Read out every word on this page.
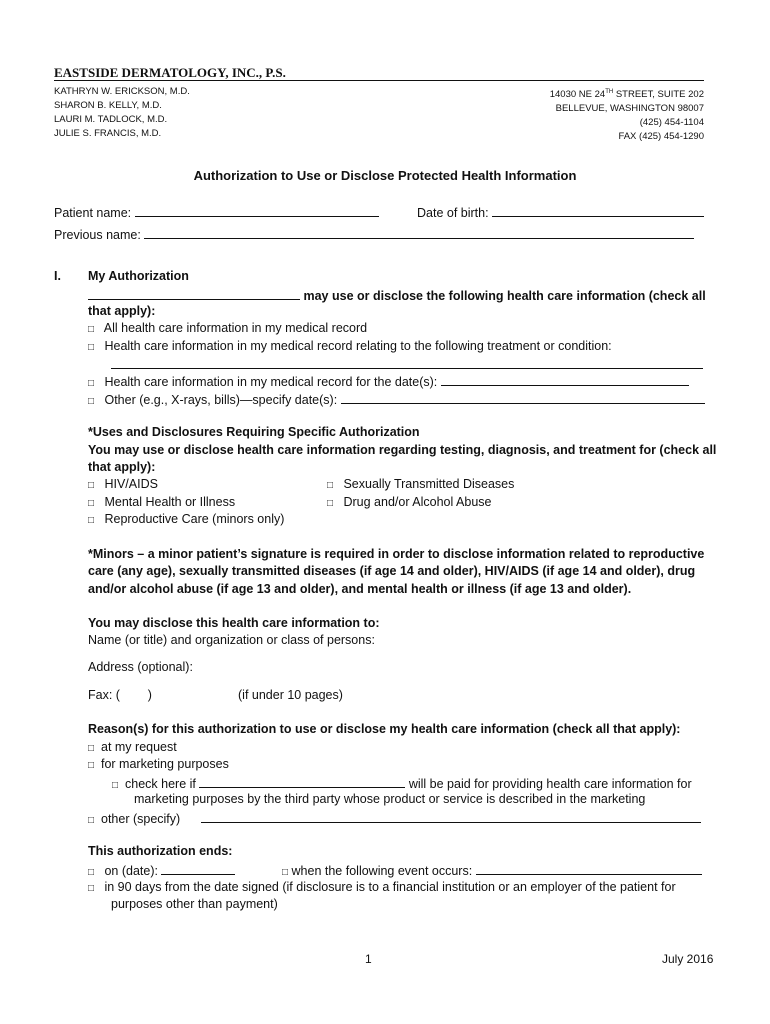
EASTSIDE DERMATOLOGY, INC., P.S.
KATHRYN W. ERICKSON, M.D.
SHARON B. KELLY, M.D.
LAURI M. TADLOCK, M.D.
JULIE S. FRANCIS, M.D.
14030 NE 24TH STREET, SUITE 202
BELLEVUE, WASHINGTON 98007
(425) 454-1104
FAX (425) 454-1290
Authorization to Use or Disclose Protected Health Information
Patient name:	Date of birth:
Previous name:
I. My Authorization
may use or disclose the following health care information (check all
that apply):
□ All health care information in my medical record
□ Health care information in my medical record relating to the following treatment or condition:
□ Health care information in my medical record for the date(s):
□ Other (e.g., X-rays, bills)—specify date(s):
*Uses and Disclosures Requiring Specific Authorization
You may use or disclose health care information regarding testing, diagnosis, and treatment for (check all
that apply):
□ HIV/AIDS	□ Sexually Transmitted Diseases
□ Mental Health or Illness	□ Drug and/or Alcohol Abuse
□ Reproductive Care (minors only)
*Minors – a minor patient’s signature is required in order to disclose information related to reproductive
care (any age), sexually transmitted diseases (if age 14 and older), HIV/AIDS (if age 14 and older), drug
and/or alcohol abuse (if age 13 and older), and mental health or illness (if age 13 and older).
You may disclose this health care information to:
Name (or title) and organization or class of persons:
Address (optional):
Fax: (        )	(if under 10 pages)
Reason(s) for this authorization to use or disclose my health care information (check all that apply):
□ at my request
□ for marketing purposes
□ check here if	will be paid for providing health care information for
marketing purposes by the third party whose product or service is described in the marketing
□ other (specify)
This authorization ends:
□ on (date):	□ when the following event occurs:
□ in 90 days from the date signed (if disclosure is to a financial institution or an employer of the patient for
purposes other than payment)
1	July 2016
